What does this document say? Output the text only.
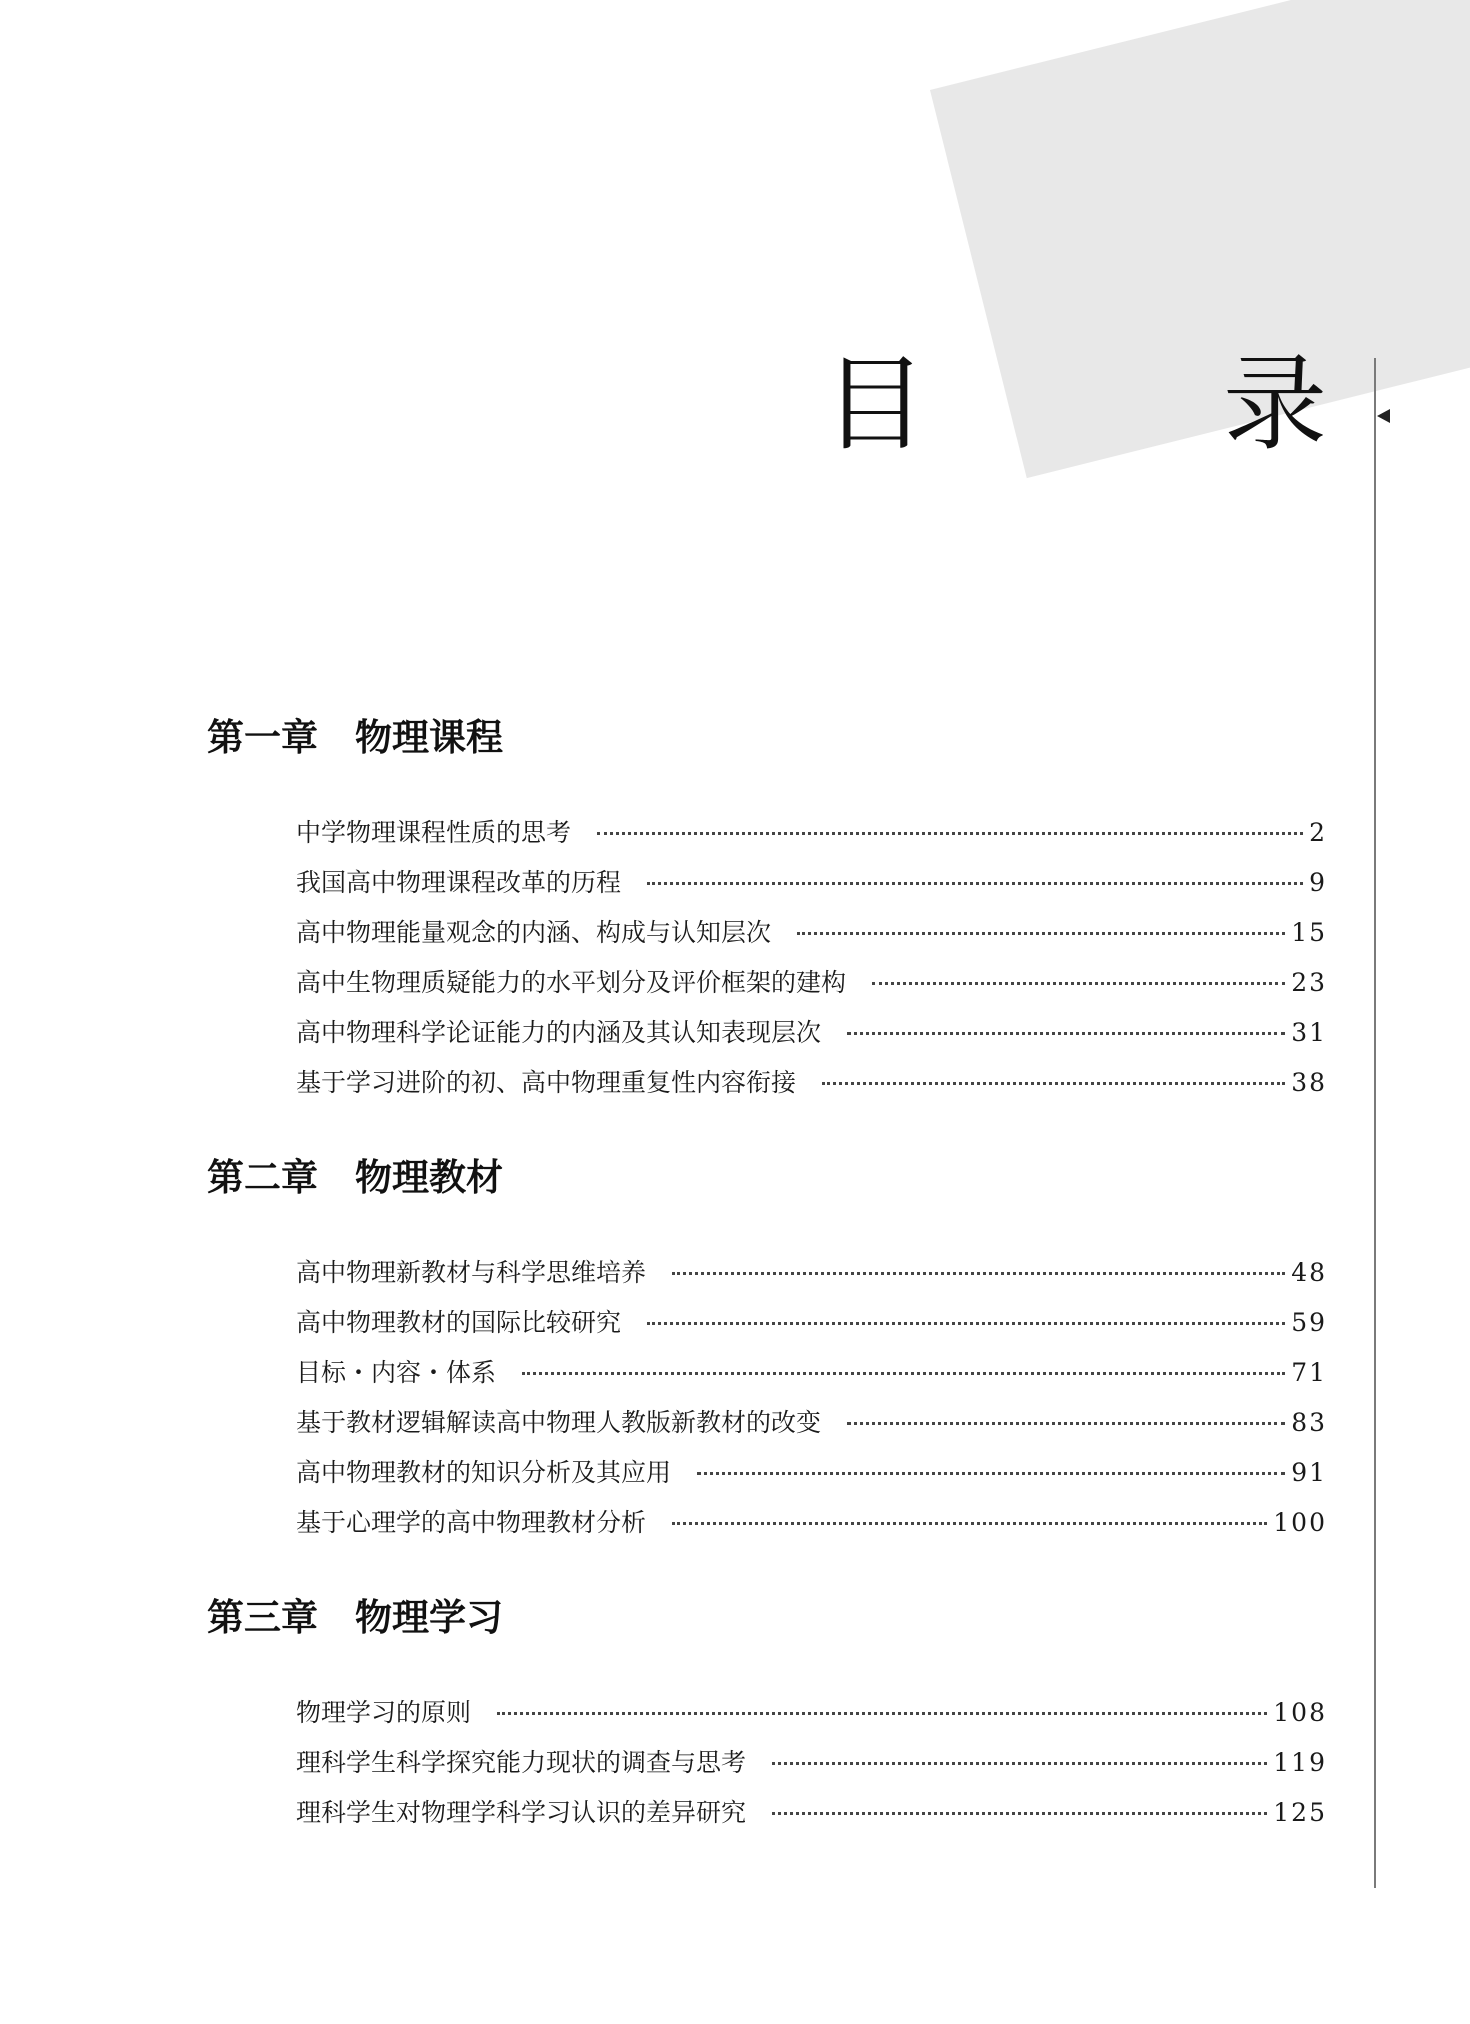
目　录
第一章　物理课程
中学物理课程性质的思考	2
我国高中物理课程改革的历程	9
高中物理能量观念的内涵、构成与认知层次	15
高中生物理质疑能力的水平划分及评价框架的建构	23
高中物理科学论证能力的内涵及其认知表现层次	31
基于学习进阶的初、高中物理重复性内容衔接	38
第二章　物理教材
高中物理新教材与科学思维培养	48
高中物理教材的国际比较研究	59
目标・内容・体系	71
基于教材逻辑解读高中物理人教版新教材的改变	83
高中物理教材的知识分析及其应用	91
基于心理学的高中物理教材分析	100
第三章　物理学习
物理学习的原则	108
理科学生科学探究能力现状的调查与思考	119
理科学生对物理学科学习认识的差异研究	125
